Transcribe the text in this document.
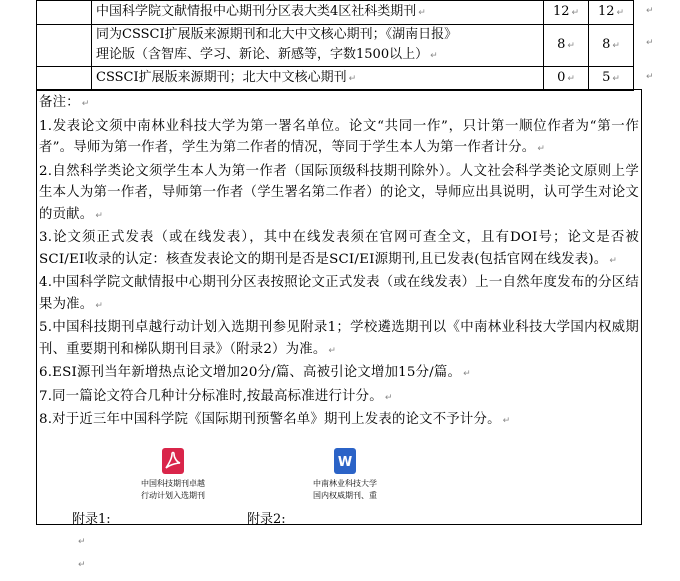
	中国科学院文献情报中心期刊分区表大类4区社科类期刊 ↵	12 ↵	12 ↵

	同为CSSCI扩展版来源期刊和北大中文核心期刊；《湖南日报》
理论版（含智库、学习、新论、新感等，字数1500以上） ↵	8 ↵	8 ↵
	CSSCI扩展版来源期刊；北大中文核心期刊 ↵	0 ↵	5 ↵
↵
↵
↵

备注： ↵

1.发表论文须中南林业科技大学为第一署名单位。论文“共同一作”，只计第一顺位作者为“第一作者”。导师为第一作者，学生为第二作者的情况，等同于学生本人为第一作者计分。 ↵

2.自然科学类论文须学生本人为第一作者（国际顶级科技期刊除外）。人文社会科学类论文原则上学生本人为第一作者，导师第一作者（学生署名第二作者）的论文，导师应出具说明，认可学生对论文的贡献。 ↵

3.论文须正式发表（或在线发表），其中在线发表须在官网可查全文，且有DOI号；论文是否被SCI/EI收录的认定：核查发表论文的期刊是否是SCI/EI源期刊,且已发表(包括官网在线发表)。 ↵

4.中国科学院文献情报中心期刊分区表按照论文正式发表（或在线发表）上一自然年度发布的分区结果为准。 ↵

5.中国科技期刊卓越行动计划入选期刊参见附录1；学校遴选期刊以《中南林业科技大学国内权威期刊、重要期刊和梯队期刊目录》（附录2）为准。 ↵

6.ESI源刊当年新增热点论文增加20分/篇、高被引论文增加15分/篇。 ↵

7.同一篇论文符合几种计分标准时,按最高标准进行计分。 ↵

8.对于近三年中国科学院《国际期刊预警名单》期刊上发表的论文不予计分。 ↵

中国科技期刊卓越
行动计划入选期刊
W
中南林业科技大学
国内权威期刊、重
附录1:	附录2:
↵
↵
